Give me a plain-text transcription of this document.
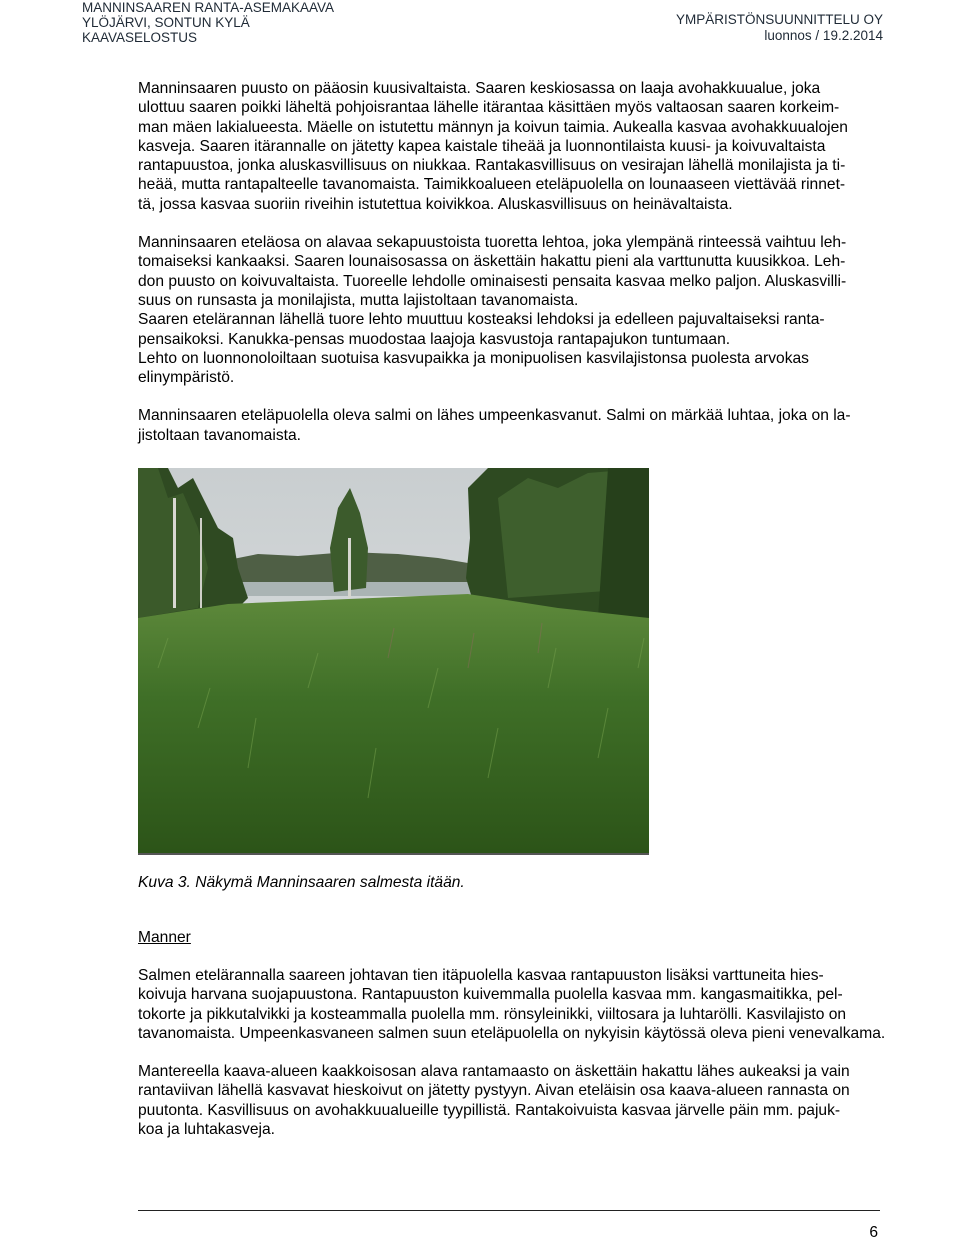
MANNINSAAREN RANTA-ASEMAKAAVA
YLÖJÄRVI, SONTUN KYLÄ
KAAVASELOSTUS
YMPÄRISTÖNSUUNNITTELU OY
luonnos / 19.2.2014

Manninsaaren puusto on pääosin kuusivaltaista. Saaren keskiosassa on laaja avohakkuualue, joka
ulottuu saaren poikki läheltä pohjoisrantaa lähelle itärantaa käsittäen myös valtaosan saaren korkeim-
man mäen lakialueesta. Mäelle on istutettu männyn ja koivun taimia. Aukealla kasvaa avohakkuualojen
kasveja. Saaren itärannalle on jätetty kapea kaistale tiheää ja luonnontilaista kuusi- ja koivuvaltaista
rantapuustoa, jonka aluskasvillisuus on niukkaa. Rantakasvillisuus on vesirajan lähellä monilajista ja ti-
heää, mutta rantapalteelle tavanomaista. Taimikkoalueen eteläpuolella on lounaaseen viettävää rinnet-
tä, jossa kasvaa suoriin riveihin istutettua koivikkoa. Aluskasvillisuus on heinävaltaista.

Manninsaaren eteläosa on alavaa sekapuustoista tuoretta lehtoa, joka ylempänä rinteessä vaihtuu leh-
tomaiseksi kankaaksi. Saaren lounaisosassa on äskettäin hakattu pieni ala varttunutta kuusikkoa. Leh-
don puusto on koivuvaltaista. Tuoreelle lehdolle ominaisesti pensaita kasvaa melko paljon. Aluskasvilli-
suus on runsasta ja monilajista, mutta lajistoltaan tavanomaista.
Saaren etelärannan lähellä tuore lehto muuttuu kosteaksi lehdoksi ja edelleen pajuvaltaiseksi ranta-
pensaikoksi. Kanukka-pensas muodostaa laajoja kasvustoja rantapajukon tuntumaan.
Lehto on luonnonoloiltaan suotuisa kasvupaikka ja monipuolisen kasvilajistonsa puolesta arvokas
elinympäristö.

Manninsaaren eteläpuolella oleva salmi on lähes umpeenkasvanut. Salmi on märkää luhtaa, joka on la-
jistoltaan tavanomaista.

Kuva 3. Näkymä Manninsaaren salmesta itään.
Manner

Salmen etelärannalla saareen johtavan tien itäpuolella kasvaa rantapuuston lisäksi varttuneita hies-
koivuja harvana suojapuustona. Rantapuuston kuivemmalla puolella kasvaa mm. kangasmaitikka, pel-
tokorte ja pikkutalvikki ja kosteammalla puolella mm. rönsyleinikki, viiltosara ja luhtarölli. Kasvilajisto on
tavanomaista. Umpeenkasvaneen salmen suun eteläpuolella on nykyisin käytössä oleva pieni venevalkama.

Mantereella kaava-alueen kaakkoisosan alava rantamaasto on äskettäin hakattu lähes aukeaksi ja vain
rantaviivan lähellä kasvavat hieskoivut on jätetty pystyyn. Aivan eteläisin osa kaava-alueen rannasta on
puutonta. Kasvillisuus on avohakkuualueille tyypillistä. Rantakoivuista kasvaa järvelle päin mm. pajuk-
koa ja luhtakasveja.

6
